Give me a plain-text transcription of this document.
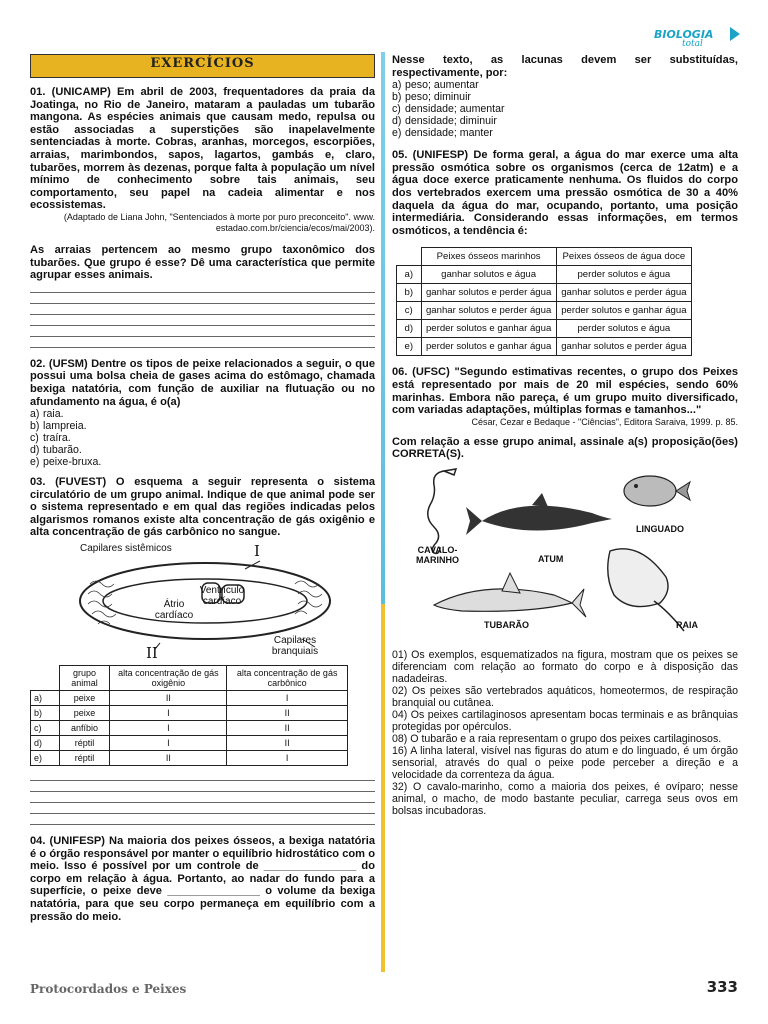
BIOLOGIA
total
EXERCÍCIOS
01. (UNICAMP) Em abril de 2003, frequentadores da praia da Joatinga, no Rio de Janeiro, mataram a pauladas um tubarão mangona. As espécies animais que causam medo, repulsa ou estão associadas a superstições são inapelavelmente sentenciadas à morte. Cobras, aranhas, morcegos, escorpiões, arraias, marimbondos, sapos, lagartos, gambás e, claro, tubarões, morrem às dezenas, porque falta à população um nível mínimo de conhecimento sobre tais animais, seu comportamento, seu papel na cadeia alimentar e nos ecossistemas.
(Adaptado de Liana John, "Sentenciados à morte por puro preconceito". www.
estadao.com.br/ciencia/ecos/mai/2003).
As arraias pertencem ao mesmo grupo taxonômico dos tubarões. Que grupo é esse? Dê uma característica que permite agrupar esses animais.
02. (UFSM) Dentre os tipos de peixe relacionados a seguir, o que possui uma bolsa cheia de gases acima do estômago, chamada bexiga natatória, com função de auxiliar na flutuação ou no afundamento na água, é o(a)
a) raia.
b) lampreia.
c) traíra.
d) tubarão.
e) peixe-bruxa.
03. (FUVEST) O esquema a seguir representa o sistema circulatório de um grupo animal. Indique de que animal pode ser o sistema representado e em qual das regiões indicadas pelos algarismos romanos existe alta concentração de gás oxigênio e alta concentração de gás carbônico no sangue.
Capilares sistêmicos	I
Átrio cardíaco
Ventrículo cardíaco
II
Capilares branquiais
	grupo animal	alta concentração de gás oxigênio	alta concentração de gás carbônico
a)	peixe	II	I
b)	peixe	I	II
c)	anfíbio	I	II
d)	réptil	I	II
e)	réptil	II	I
04. (UNIFESP) Na maioria dos peixes ósseos, a bexiga natatória é o órgão responsável por manter o equilíbrio hidrostático com o meio. Isso é possível por um controle de _______________ do corpo em relação à água. Portanto, ao nadar do fundo para a superfície, o peixe deve _______________ o volume da bexiga natatória, para que seu corpo permaneça em equilíbrio com a pressão do meio.
Nesse texto, as lacunas devem ser substituídas, respectivamente, por:
a) peso; aumentar
b) peso; diminuir
c) densidade; aumentar
d) densidade; diminuir
e) densidade; manter
05. (UNIFESP) De forma geral, a água do mar exerce uma alta pressão osmótica sobre os organismos (cerca de 12atm) e a água doce exerce praticamente nenhuma. Os fluidos do corpo dos vertebrados exercem uma pressão osmótica de 30 a 40% daquela da água do mar, ocupando, portanto, uma posição intermediária. Considerando essas informações, em termos osmóticos, a tendência é:
	Peixes ósseos marinhos	Peixes ósseos de água doce
a)	ganhar solutos e água	perder solutos e água
b)	ganhar solutos e perder água	ganhar solutos e perder água
c)	ganhar solutos e perder água	perder solutos e ganhar água
d)	perder solutos e ganhar água	perder solutos e água
e)	perder solutos e ganhar água	ganhar solutos e perder água
06. (UFSC) "Segundo estimativas recentes, o grupo dos Peixes está representado por mais de 20 mil espécies, sendo 60% marinhas. Embora não pareça, é um grupo muito diversificado, com variadas adaptações, múltiplas formas e tamanhos..."
César, Cezar e Bedaque - "Ciências", Editora Saraiva, 1999. p. 85.
Com relação a esse grupo animal, assinale a(s) proposição(ões) CORRETA(S).
CAVALO-
MARINHO	ATUM
LINGUADO
TUBARÃO	RAIA
01) Os exemplos, esquematizados na figura, mostram que os peixes se diferenciam com relação ao formato do corpo e à disposição das nadadeiras.
02) Os peixes são vertebrados aquáticos, homeotermos, de respiração branquial ou cutânea.
04) Os peixes cartilaginosos apresentam bocas terminais e as brânquias protegidas por opérculos.
08) O tubarão e a raia representam o grupo dos peixes cartilaginosos.
16) A linha lateral, visível nas figuras do atum e do linguado, é um órgão sensorial, através do qual o peixe pode perceber a direção e a velocidade da correnteza da água.
32) O cavalo-marinho, como a maioria dos peixes, é ovíparo; nesse animal, o macho, de modo bastante peculiar, carrega seus ovos em bolsas incubadoras.
Protocordados e Peixes	333
